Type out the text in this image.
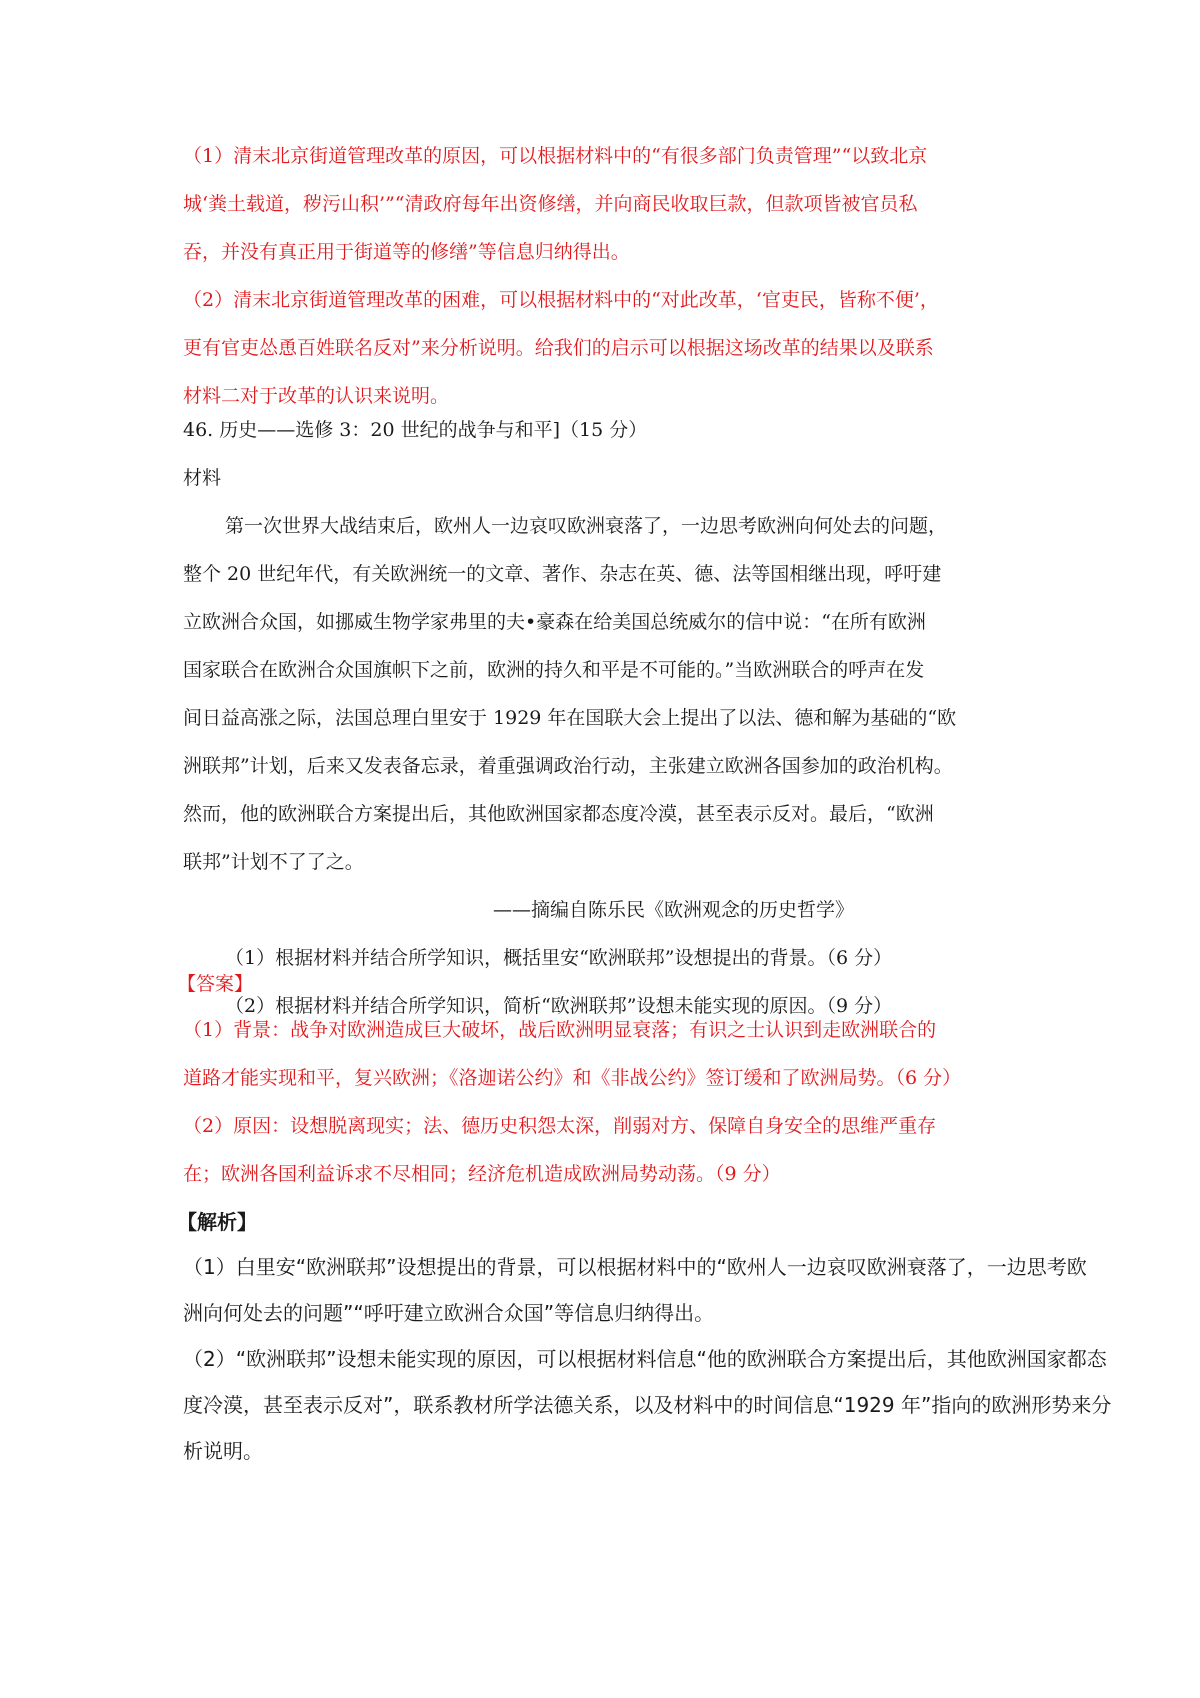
（1）清末北京街道管理改革的原因，可以根据材料中的“有很多部门负责管理”“以致北京
城‘粪土载道，秽污山积’”“清政府每年出资修缮，并向商民收取巨款，但款项皆被官员私
吞，并没有真正用于街道等的修缮”等信息归纳得出。
（2）清末北京街道管理改革的困难，可以根据材料中的“对此改革，‘官吏民，皆称不便’，
更有官吏怂恿百姓联名反对”来分析说明。给我们的启示可以根据这场改革的结果以及联系
材料二对于改革的认识来说明。
46. 历史——选修 3：20 世纪的战争与和平]（15 分）
材料
第一次世界大战结束后，欧州人一边哀叹欧洲衰落了，一边思考欧洲向何处去的问题，
整个 20 世纪年代，有关欧洲统一的文章、著作、杂志在英、德、法等国相继出现，呼吁建
立欧洲合众国，如挪威生物学家弗里的夫•豪森在给美国总统威尔的信中说：“在所有欧洲
国家联合在欧洲合众国旗帜下之前，欧洲的持久和平是不可能的。”当欧洲联合的呼声在发
间日益高涨之际，法国总理白里安于 1929 年在国联大会上提出了以法、德和解为基础的“欧
洲联邦”计划，后来又发表备忘录，着重强调政治行动，主张建立欧洲各国参加的政治机构。
然而，他的欧洲联合方案提出后，其他欧洲国家都态度冷漠，甚至表示反对。最后，“欧洲
联邦”计划不了了之。
——摘编自陈乐民《欧洲观念的历史哲学》
（1）根据材料并结合所学知识，概括里安“欧洲联邦”设想提出的背景。（6 分）
（2）根据材料并结合所学知识，简析“欧洲联邦”设想未能实现的原因。（9 分）
【答案】
（1）背景：战争对欧洲造成巨大破坏，战后欧洲明显衰落；有识之士认识到走欧洲联合的
道路才能实现和平，复兴欧洲；《洛迦诺公约》和《非战公约》签订缓和了欧洲局势。（6 分）
（2）原因：设想脱离现实；法、德历史积怨太深，削弱对方、保障自身安全的思维严重存
在；欧洲各国利益诉求不尽相同；经济危机造成欧洲局势动荡。（9 分）
【解析】
（1）白里安“欧洲联邦”设想提出的背景，可以根据材料中的“欧州人一边哀叹欧洲衰落了，一边思考欧
洲向何处去的问题”“呼吁建立欧洲合众国”等信息归纳得出。
（2）“欧洲联邦”设想未能实现的原因，可以根据材料信息“他的欧洲联合方案提出后，其他欧洲国家都态
度冷漠，甚至表示反对”，联系教材所学法德关系，以及材料中的时间信息“1929 年”指向的欧洲形势来分
析说明。
